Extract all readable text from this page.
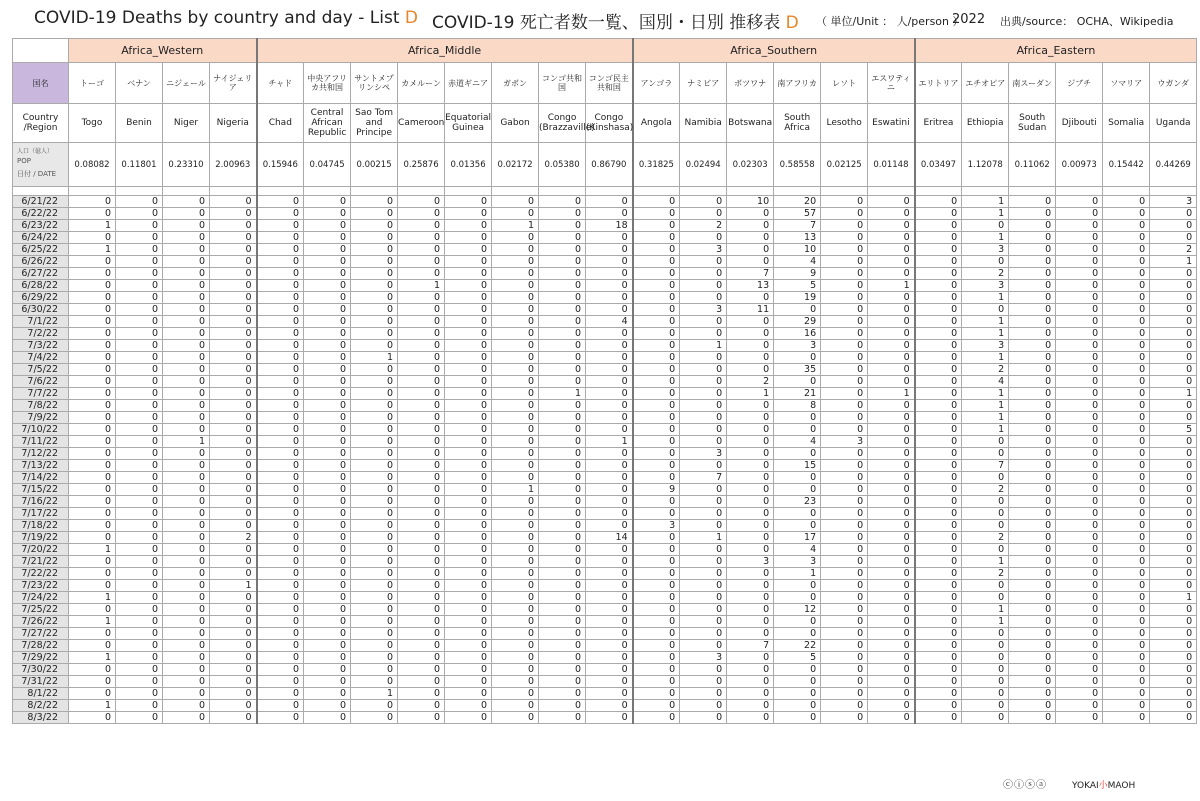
COVID-19 Deaths by country and day - List D COVID-19 死亡者数一覧、国別・日別 推移表 D （ 単位/Unit ： 人/person ）
2022 出典/source： OCHA、Wikipedia
	Africa_Western				Africa_Middle								Africa_Southern						Africa_Eastern					
国名	トーゴ	ベナン	ニジェール	ナイジェリア	チャド	中央アフリカ共和国	サントメプリンシペ	カメルーン	赤道ギニア	ガボン	コンゴ共和国	コンゴ民主共和国	アンゴラ	ナミビア	ボツワナ	南アフリカ	レソト	エスワティニ	エリトリア	エチオピア	南スーダン	ジブチ	ソマリア	ウガンダ
Country /Region	Togo	Benin	Niger	Nigeria	Chad	Central African Republic	Sao Tom and Principe	Cameroon	Equatorial Guinea	Gabon	Congo (Brazzaville)	Congo (Kinshasa)	Angola	Namibia	Botswana	South Africa	Lesotho	Eswatini	Eritrea	Ethiopia	South Sudan	Djibouti	Somalia	Uganda

人口（億人）
POP
日付 / DATE	0.08082	0.11801	0.23310	2.00963	0.15946	0.04745	0.00215	0.25876	0.01356	0.02172	0.05380	0.86790	0.31825	0.02494	0.02303	0.58558	0.02125	0.01148	0.03497	1.12078	0.11062	0.00973	0.15442	0.44269

6/21/22	0	0	0	0	0	0	0	0	0	0	0	0	0	0	10	20	0	0	0	1	0	0	0	3
6/22/22	0	0	0	0	0	0	0	0	0	0	0	0	0	0	0	57	0	0	0	1	0	0	0	0
6/23/22	1	0	0	0	0	0	0	0	0	1	0	18	0	2	0	7	0	0	0	0	0	0	0	0
6/24/22	0	0	0	0	0	0	0	0	0	0	0	0	0	0	0	13	0	0	0	1	0	0	0	0
6/25/22	1	0	0	0	0	0	0	0	0	0	0	0	0	3	0	10	0	0	0	3	0	0	0	2
6/26/22	0	0	0	0	0	0	0	0	0	0	0	0	0	0	0	4	0	0	0	0	0	0	0	1
6/27/22	0	0	0	0	0	0	0	0	0	0	0	0	0	0	7	9	0	0	0	2	0	0	0	0
6/28/22	0	0	0	0	0	0	0	1	0	0	0	0	0	0	13	5	0	1	0	3	0	0	0	0
6/29/22	0	0	0	0	0	0	0	0	0	0	0	0	0	0	0	19	0	0	0	1	0	0	0	0
6/30/22	0	0	0	0	0	0	0	0	0	0	0	0	0	3	11	0	0	0	0	0	0	0	0	0
7/1/22	0	0	0	0	0	0	0	0	0	0	0	4	0	0	0	29	0	0	0	1	0	0	0	0
7/2/22	0	0	0	0	0	0	0	0	0	0	0	0	0	0	0	16	0	0	0	1	0	0	0	0
7/3/22	0	0	0	0	0	0	0	0	0	0	0	0	0	1	0	3	0	0	0	3	0	0	0	0
7/4/22	0	0	0	0	0	0	1	0	0	0	0	0	0	0	0	0	0	0	0	1	0	0	0	0
7/5/22	0	0	0	0	0	0	0	0	0	0	0	0	0	0	0	35	0	0	0	2	0	0	0	0
7/6/22	0	0	0	0	0	0	0	0	0	0	0	0	0	0	2	0	0	0	0	4	0	0	0	0
7/7/22	0	0	0	0	0	0	0	0	0	0	1	0	0	0	1	21	0	1	0	1	0	0	0	1
7/8/22	0	0	0	0	0	0	0	0	0	0	0	0	0	0	0	8	0	0	0	1	0	0	0	0
7/9/22	0	0	0	0	0	0	0	0	0	0	0	0	0	0	0	0	0	0	0	1	0	0	0	0
7/10/22	0	0	0	0	0	0	0	0	0	0	0	0	0	0	0	0	0	0	0	1	0	0	0	5
7/11/22	0	0	1	0	0	0	0	0	0	0	0	1	0	0	0	4	3	0	0	0	0	0	0	0
7/12/22	0	0	0	0	0	0	0	0	0	0	0	0	0	3	0	0	0	0	0	0	0	0	0	0
7/13/22	0	0	0	0	0	0	0	0	0	0	0	0	0	0	0	15	0	0	0	7	0	0	0	0
7/14/22	0	0	0	0	0	0	0	0	0	0	0	0	0	7	0	0	0	0	0	0	0	0	0	0
7/15/22	0	0	0	0	0	0	0	0	0	1	0	0	9	0	0	0	0	0	0	2	0	0	0	0
7/16/22	0	0	0	0	0	0	0	0	0	0	0	0	0	0	0	23	0	0	0	0	0	0	0	0
7/17/22	0	0	0	0	0	0	0	0	0	0	0	0	0	0	0	0	0	0	0	0	0	0	0	0
7/18/22	0	0	0	0	0	0	0	0	0	0	0	0	3	0	0	0	0	0	0	0	0	0	0	0
7/19/22	0	0	0	2	0	0	0	0	0	0	0	14	0	1	0	17	0	0	0	2	0	0	0	0
7/20/22	1	0	0	0	0	0	0	0	0	0	0	0	0	0	0	4	0	0	0	0	0	0	0	0
7/21/22	0	0	0	0	0	0	0	0	0	0	0	0	0	0	3	3	0	0	0	1	0	0	0	0
7/22/22	0	0	0	0	0	0	0	0	0	0	0	0	0	0	0	1	0	0	0	2	0	0	0	0
7/23/22	0	0	0	1	0	0	0	0	0	0	0	0	0	0	0	0	0	0	0	0	0	0	0	0
7/24/22	1	0	0	0	0	0	0	0	0	0	0	0	0	0	0	0	0	0	0	0	0	0	0	1
7/25/22	0	0	0	0	0	0	0	0	0	0	0	0	0	0	0	12	0	0	0	1	0	0	0	0
7/26/22	1	0	0	0	0	0	0	0	0	0	0	0	0	0	0	0	0	0	0	1	0	0	0	0
7/27/22	0	0	0	0	0	0	0	0	0	0	0	0	0	0	0	0	0	0	0	0	0	0	0	0
7/28/22	0	0	0	0	0	0	0	0	0	0	0	0	0	0	7	22	0	0	0	0	0	0	0	0
7/29/22	1	0	0	0	0	0	0	0	0	0	0	0	0	3	0	5	0	0	0	0	0	0	0	0
7/30/22	0	0	0	0	0	0	0	0	0	0	0	0	0	0	0	0	0	0	0	0	0	0	0	0
7/31/22	0	0	0	0	0	0	0	0	0	0	0	0	0	0	0	0	0	0	0	0	0	0	0	0
8/1/22	0	0	0	0	0	0	1	0	0	0	0	0	0	0	0	0	0	0	0	0	0	0	0	0
8/2/22	1	0	0	0	0	0	0	0	0	0	0	0	0	0	0	0	0	0	0	0	0	0	0	0
8/3/22	0	0	0	0	0	0	0	0	0	0	0	0	0	0	0	0	0	0	0	0	0	0	0	0
ⓒⓘⓢⓐ	YOKAI小MAOH
